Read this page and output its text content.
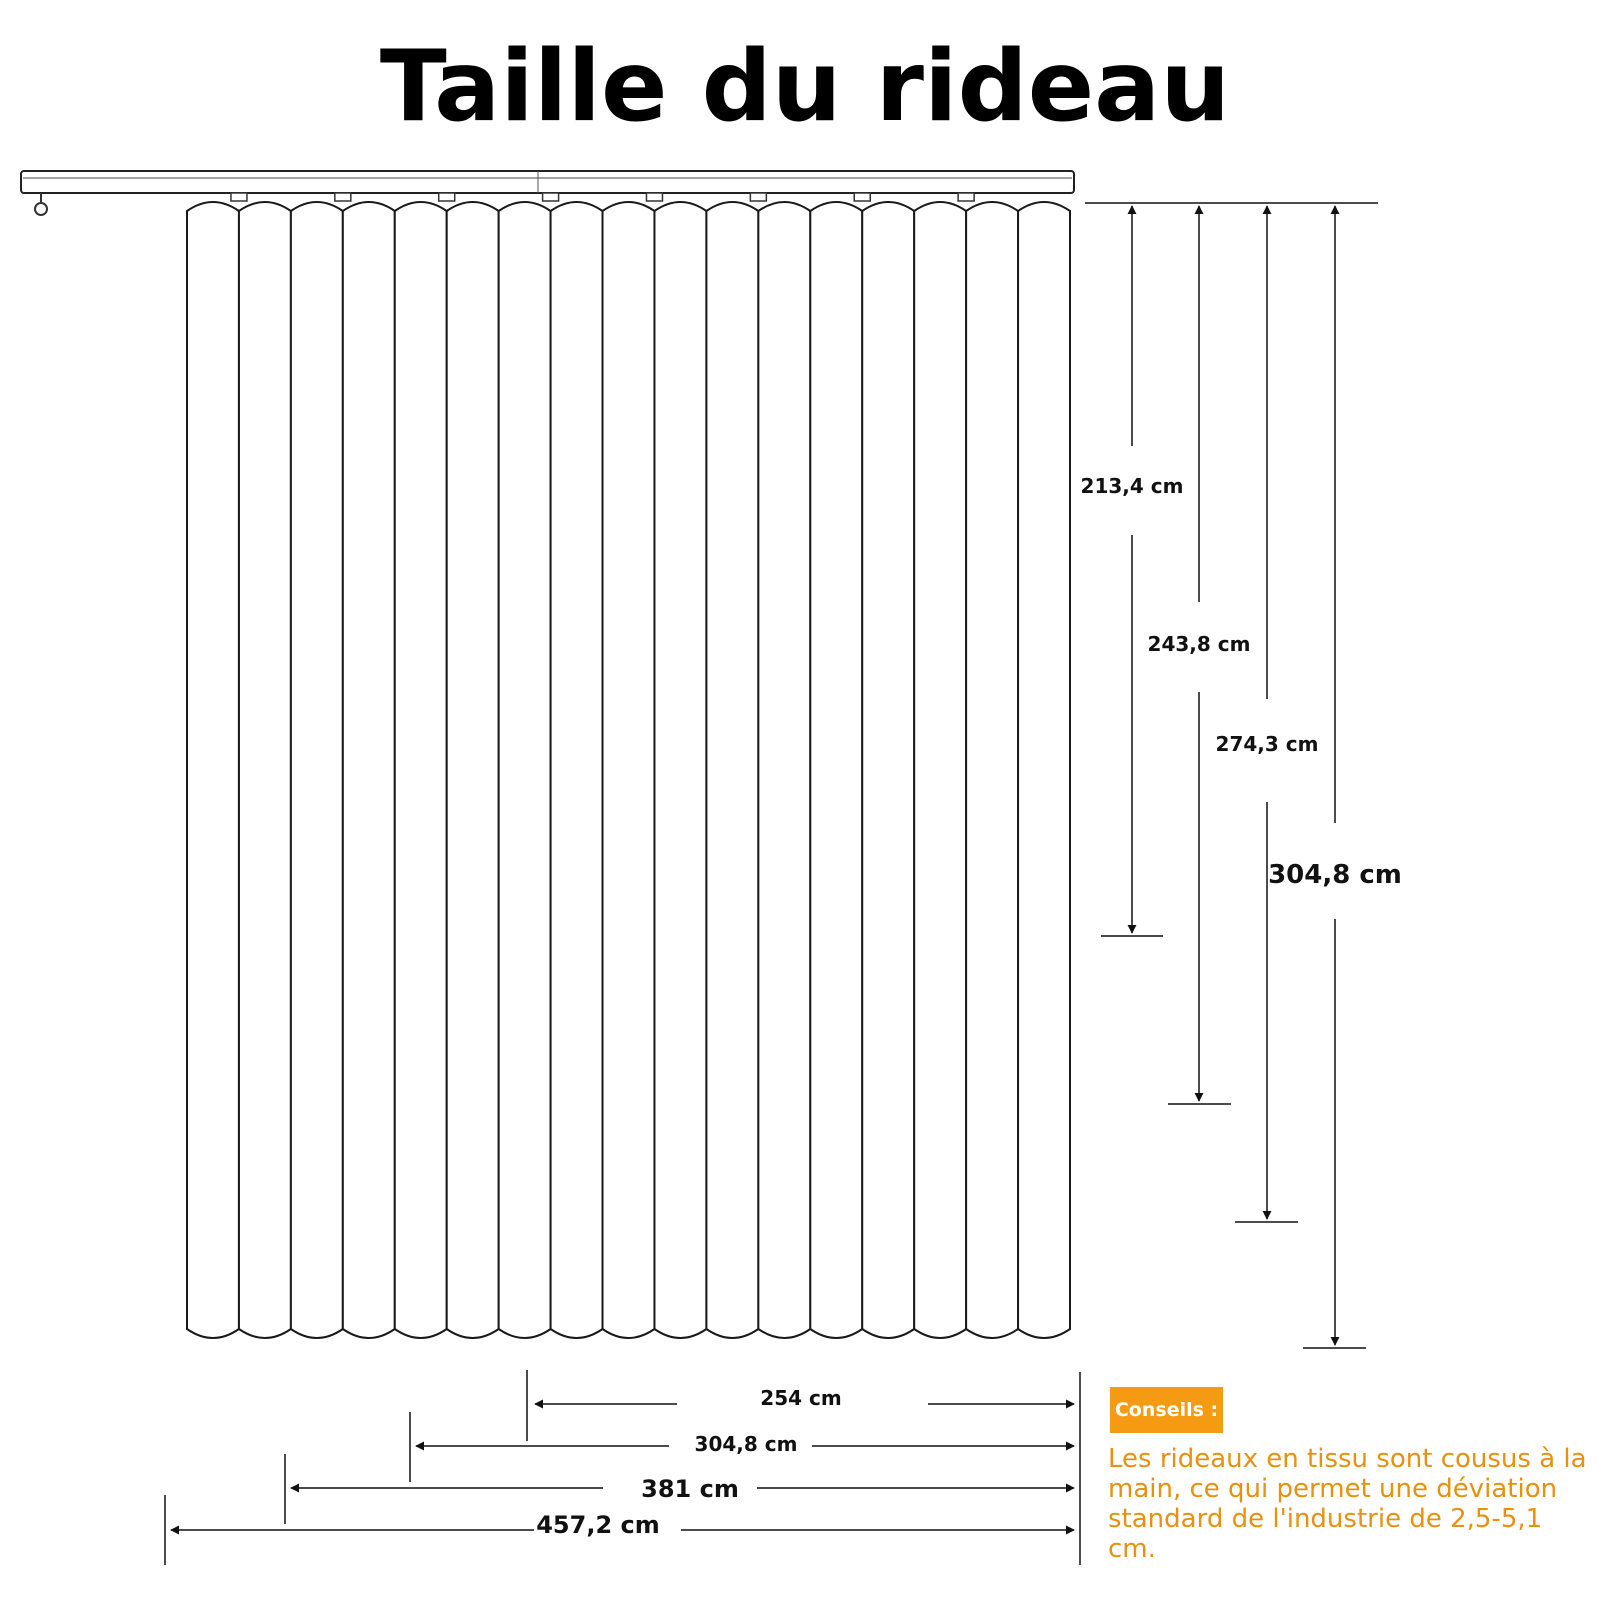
Taille du rideau
213,4 cm
243,8 cm
274,3 cm
304,8 cm
254 cm
304,8 cm
381 cm
457,2 cm
Conseils :
Les rideaux en tissu sont cousus à la main, ce qui permet une déviation standard de l'industrie de 2,5-5,1 cm.
